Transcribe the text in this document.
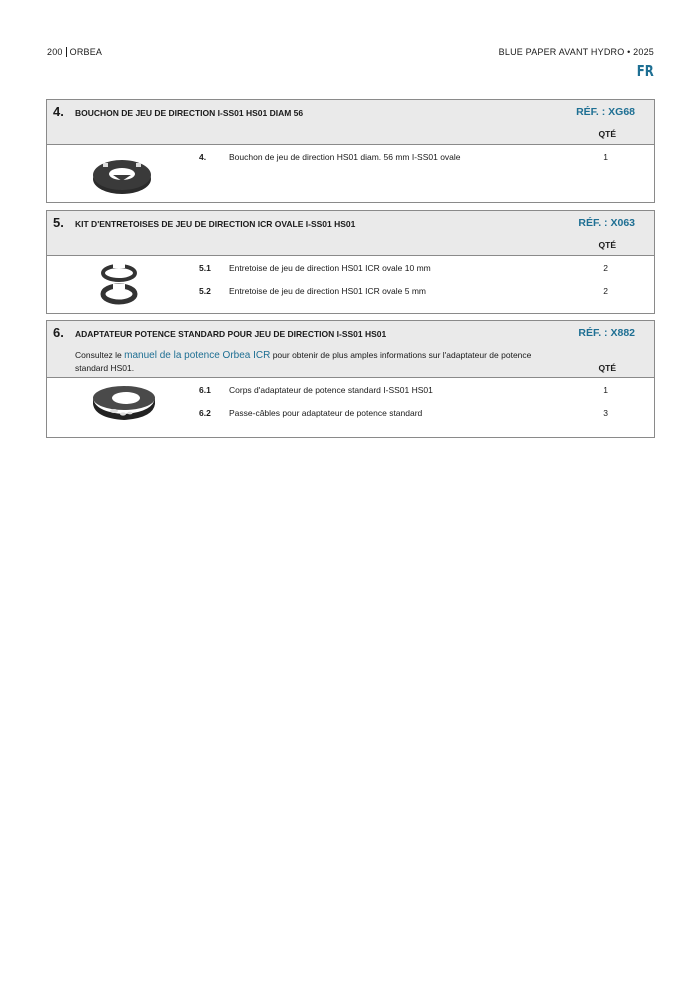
200 ORBEA	BLUE PAPER AVANT HYDRO • 2025
FR
4. BOUCHON DE JEU DE DIRECTION I-SS01 HS01 DIAM 56	RÉF. : XG68
QTÉ
4.	Bouchon de jeu de direction HS01 diam. 56 mm I-SS01 ovale	1
5. KIT D'ENTRETOISES DE JEU DE DIRECTION ICR OVALE I-SS01 HS01	RÉF. : X063
QTÉ
5.1 Entretoise de jeu de direction HS01 ICR ovale 10 mm	2
5.2 Entretoise de jeu de direction HS01 ICR ovale 5 mm	2
6. ADAPTATEUR POTENCE STANDARD POUR JEU DE DIRECTION I-SS01 HS01	RÉF. : X882
Consultez le manuel de la potence Orbea ICR pour obtenir de plus amples informations sur l'adaptateur de potence standard HS01.	QTÉ
6.1 Corps d'adaptateur de potence standard I-SS01 HS01	1
6.2 Passe-câbles pour adaptateur de potence standard	3
